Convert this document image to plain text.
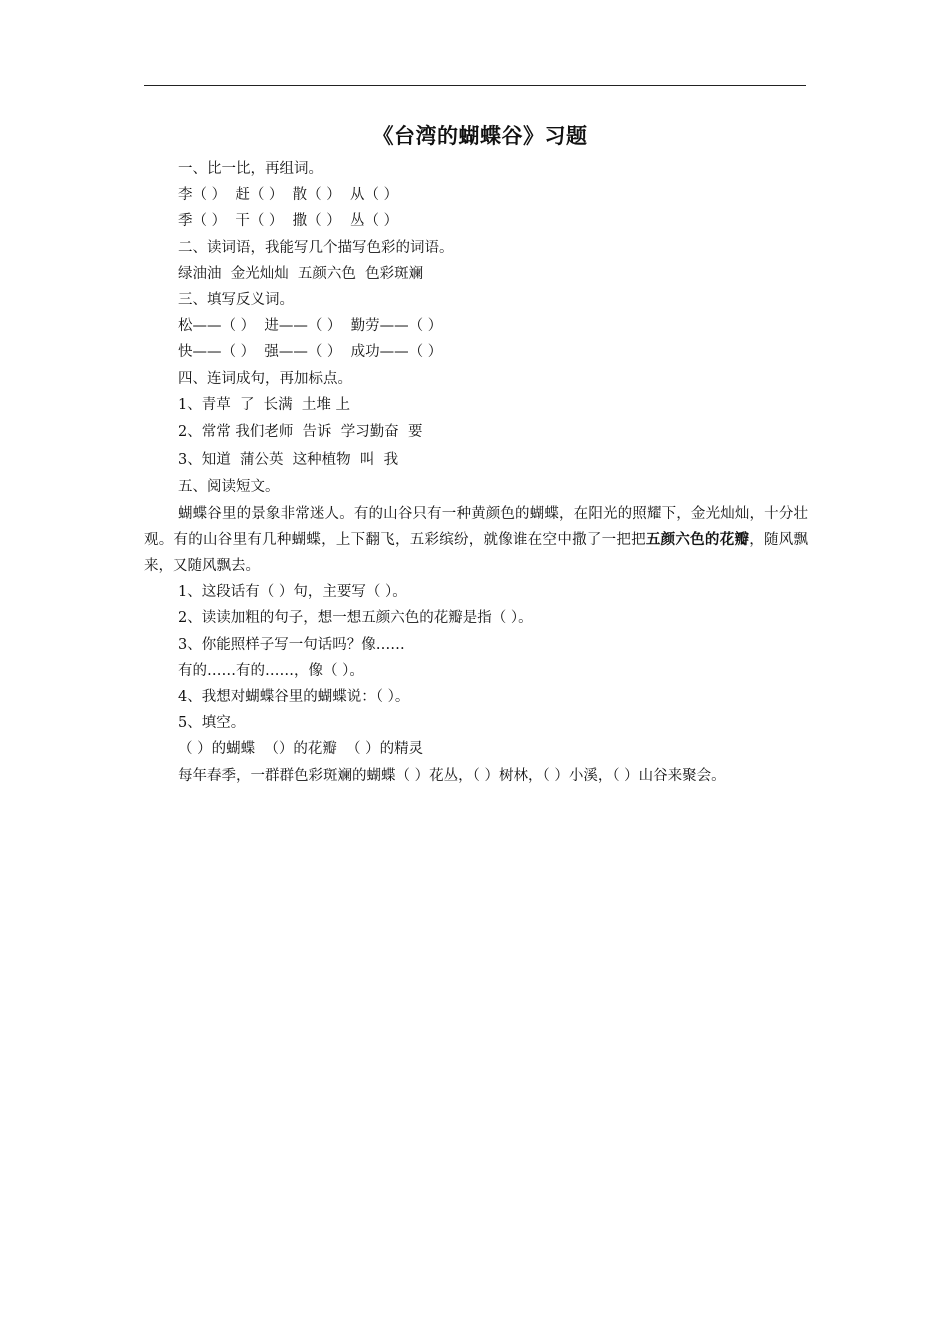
《台湾的蝴蝶谷》习题

一、比一比，再组词。

李（ ）  赶（ ）  散（ ）  从（ ）

季（ ）  干（ ）  撒（ ）  丛（ ）

二、读词语，我能写几个描写色彩的词语。

绿油油  金光灿灿  五颜六色  色彩斑斓

三、填写反义词。

松——（ ）  进——（ ）  勤劳——（ ）

快——（ ）  强——（ ）  成功——（ ）

四、连词成句，再加标点。

1、青草  了  长满  土堆 上

2、常常 我们老师  告诉  学习勤奋  要

3、知道  蒲公英  这种植物  叫  我

五、阅读短文。

蝴蝶谷里的景象非常迷人。有的山谷只有一种黄颜色的蝴蝶，在阳光的照耀下，金光灿灿，十分壮观。有的山谷里有几种蝴蝶，上下翻飞，五彩缤纷，就像谁在空中撒了一把把五颜六色的花瓣，随风飘来，又随风飘去。

1、这段话有（ ）句，主要写（ ）。

2、读读加粗的句子，想一想五颜六色的花瓣是指（ ）。

3、你能照样子写一句话吗？像……

有的……有的……，像（ ）。

4、我想对蝴蝶谷里的蝴蝶说：（ ）。

5、填空。

（ ）的蝴蝶  （）的花瓣  （ ）的精灵

每年春季，一群群色彩斑斓的蝴蝶（ ）花丛，（ ）树林，（ ）小溪，（ ）山谷来聚会。
